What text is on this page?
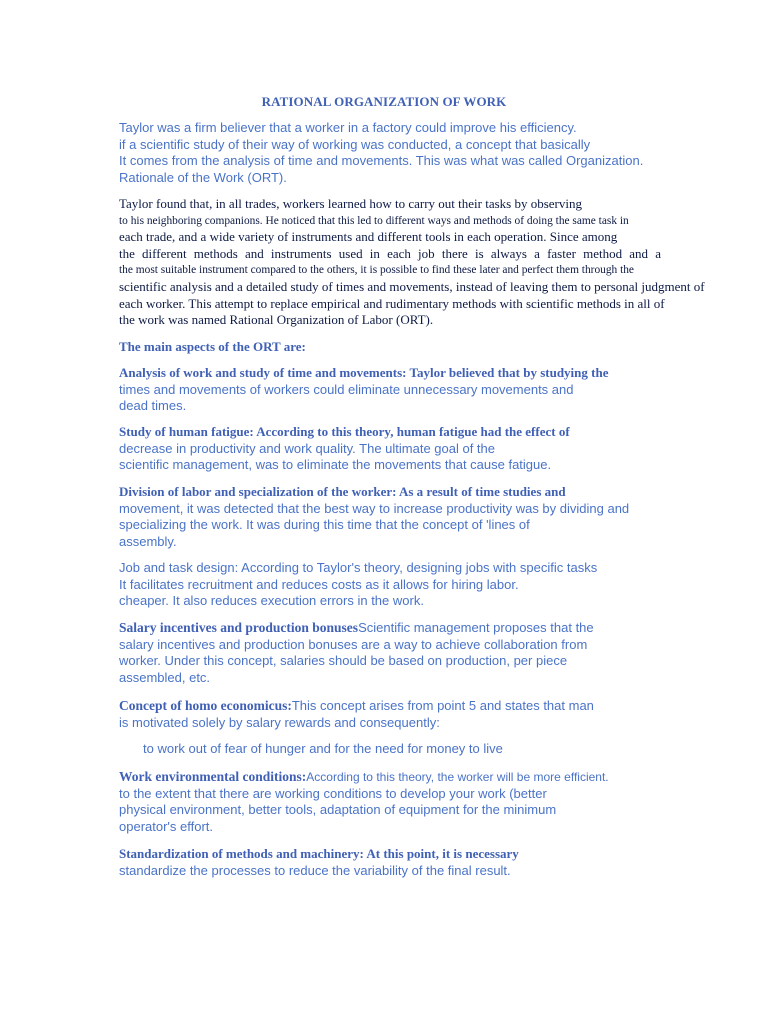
RATIONAL ORGANIZATION OF WORK
Taylor was a firm believer that a worker in a factory could improve his efficiency.
if a scientific study of their way of working was conducted, a concept that basically
It comes from the analysis of time and movements. This was what was called Organization.
Rationale of the Work (ORT).
Taylor found that, in all trades, workers learned how to carry out their tasks by observing
to his neighboring companions. He noticed that this led to different ways and methods of doing the same task in
each trade, and a wide variety of instruments and different tools in each operation. Since among
the different methods and instruments used in each job there is always a faster method and a
the most suitable instrument compared to the others, it is possible to find these later and perfect them through the
scientific analysis and a detailed study of times and movements, instead of leaving them to personal judgment of
each worker. This attempt to replace empirical and rudimentary methods with scientific methods in all of
the work was named Rational Organization of Labor (ORT).
The main aspects of the ORT are:
Analysis of work and study of time and movements: Taylor believed that by studying the
times and movements of workers could eliminate unnecessary movements and
dead times.
Study of human fatigue: According to this theory, human fatigue had the effect of
decrease in productivity and work quality. The ultimate goal of the
scientific management, was to eliminate the movements that cause fatigue.
Division of labor and specialization of the worker: As a result of time studies and
movement, it was detected that the best way to increase productivity was by dividing and
specializing the work. It was during this time that the concept of 'lines of
assembly.
Job and task design: According to Taylor's theory, designing jobs with specific tasks
It facilitates recruitment and reduces costs as it allows for hiring labor.
cheaper. It also reduces execution errors in the work.
Salary incentives and production bonusesScientific management proposes that the
salary incentives and production bonuses are a way to achieve collaboration from
worker. Under this concept, salaries should be based on production, per piece
assembled, etc.
Concept of homo economicus:This concept arises from point 5 and states that man
is motivated solely by salary rewards and consequently:
to work out of fear of hunger and for the need for money to live
Work environmental conditions:According to this theory, the worker will be more efficient.
to the extent that there are working conditions to develop your work (better
physical environment, better tools, adaptation of equipment for the minimum
operator's effort.
Standardization of methods and machinery: At this point, it is necessary
standardize the processes to reduce the variability of the final result.
